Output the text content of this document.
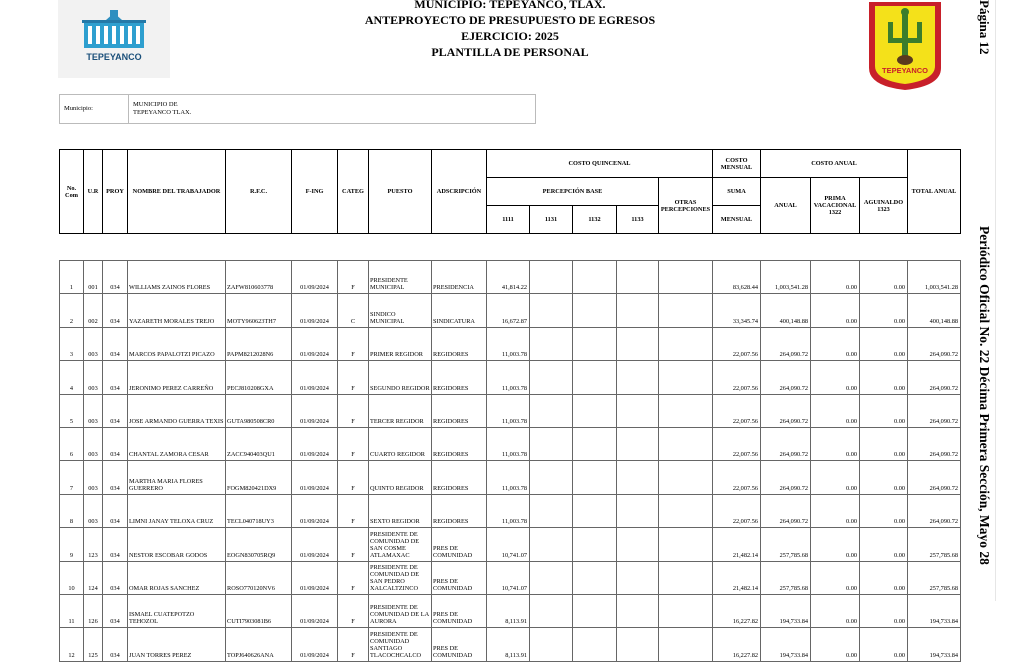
TEPEYANCO
MUNICIPIO: TEPEYANCO, TLAX.
ANTEPROYECTO DE PRESUPUESTO DE EGRESOS
EJERCICIO: 2025
PLANTILLA DE PERSONAL
TEPEYANCO
Página 12
Periódico Oficial No. 22 Décima Primera Sección, Mayo 28
Municipio:
MUNICIPIO DE
TEPEYANCO TLAX.
No. Com	U.R	PROY	NOMBRE DEL TRABAJADOR	R.F.C.	F-ING	CATEG	PUESTO	ADSCRIPCIÓN	COSTO QUINCENAL					COSTO MENSUAL	COSTO ANUAL			TOTAL ANUAL
									PERCEPCIÓN BASE				OTRAS PERCEPCIONES	SUMA	ANUAL	PRIMA VACACIONAL 1322	AGUINALDO 1323	
									1111	1131	1132	1133		MENSUAL				
1	001	034	WILLIAMS ZAINOS FLORES	ZAFW810603778	01/09/2024	F	PRESIDENTE MUNICIPAL	PRESIDENCIA	41,814.22					83,628.44	1,003,541.28	0.00	0.00	1,003,541.28
2	002	034	YAZARETH MORALES TREJO	MOTY960623TH7	01/09/2024	C	SINDICO MUNICIPAL	SINDICATURA	16,672.87					33,345.74	400,148.88	0.00	0.00	400,148.88
3	003	034	MARCOS PAPALOTZI PICAZO	PAPM8212028N6	01/09/2024	F	PRIMER REGIDOR	REGIDORES	11,003.78					22,007.56	264,090.72	0.00	0.00	264,090.72
4	003	034	JERONIMO PEREZ CARREÑO	PECJ810208GXA	01/09/2024	F	SEGUNDO REGIDOR	REGIDORES	11,003.78					22,007.56	264,090.72	0.00	0.00	264,090.72
5	003	034	JOSE ARMANDO GUERRA TEXIS	GUTA980508CR0	01/09/2024	F	TERCER REGIDOR	REGIDORES	11,003.78					22,007.56	264,090.72	0.00	0.00	264,090.72
6	003	034	CHANTAL ZAMORA CESAR	ZACC940403QU1	01/09/2024	F	CUARTO REGIDOR	REGIDORES	11,003.78					22,007.56	264,090.72	0.00	0.00	264,090.72
7	003	034	MARTHA MARIA FLORES GUERRERO	FOGM820421DX9	01/09/2024	F	QUINTO REGIDOR	REGIDORES	11,003.78					22,007.56	264,090.72	0.00	0.00	264,090.72
8	003	034	LIMNI JANAY TELOXA CRUZ	TECL040718UY3	01/09/2024	F	SEXTO REGIDOR	REGIDORES	11,003.78					22,007.56	264,090.72	0.00	0.00	264,090.72
9	123	034	NESTOR ESCOBAR GODOS	EOGN830705RQ9	01/09/2024	F	PRESIDENTE DE COMUNIDAD DE SAN COSME ATLAMAXAC	PRES DE COMUNIDAD	10,741.07					21,482.14	257,785.68	0.00	0.00	257,785.68
10	124	034	OMAR ROJAS SANCHEZ	ROSO770120NV6	01/09/2024	F	PRESIDENTE DE COMUNIDAD DE SAN PEDRO XALCALTZINCO	PRES DE COMUNIDAD	10,741.07					21,482.14	257,785.68	0.00	0.00	257,785.68
11	126	034	ISMAEL CUATEPOTZO TEHOZOL	CUTI7903081B6	01/09/2024	F	PRESIDENTE DE COMUNIDAD DE LA AURORA	PRES DE COMUNIDAD	8,113.91					16,227.82	194,733.84	0.00	0.00	194,733.84
12	125	034	JUAN TORRES PEREZ	TOPJ640626ANA	01/09/2024	F	PRESIDENTE DE COMUNIDAD SANTIAGO TLACOCHCALCO	PRES DE COMUNIDAD	8,113.91					16,227.82	194,733.84	0.00	0.00	194,733.84
